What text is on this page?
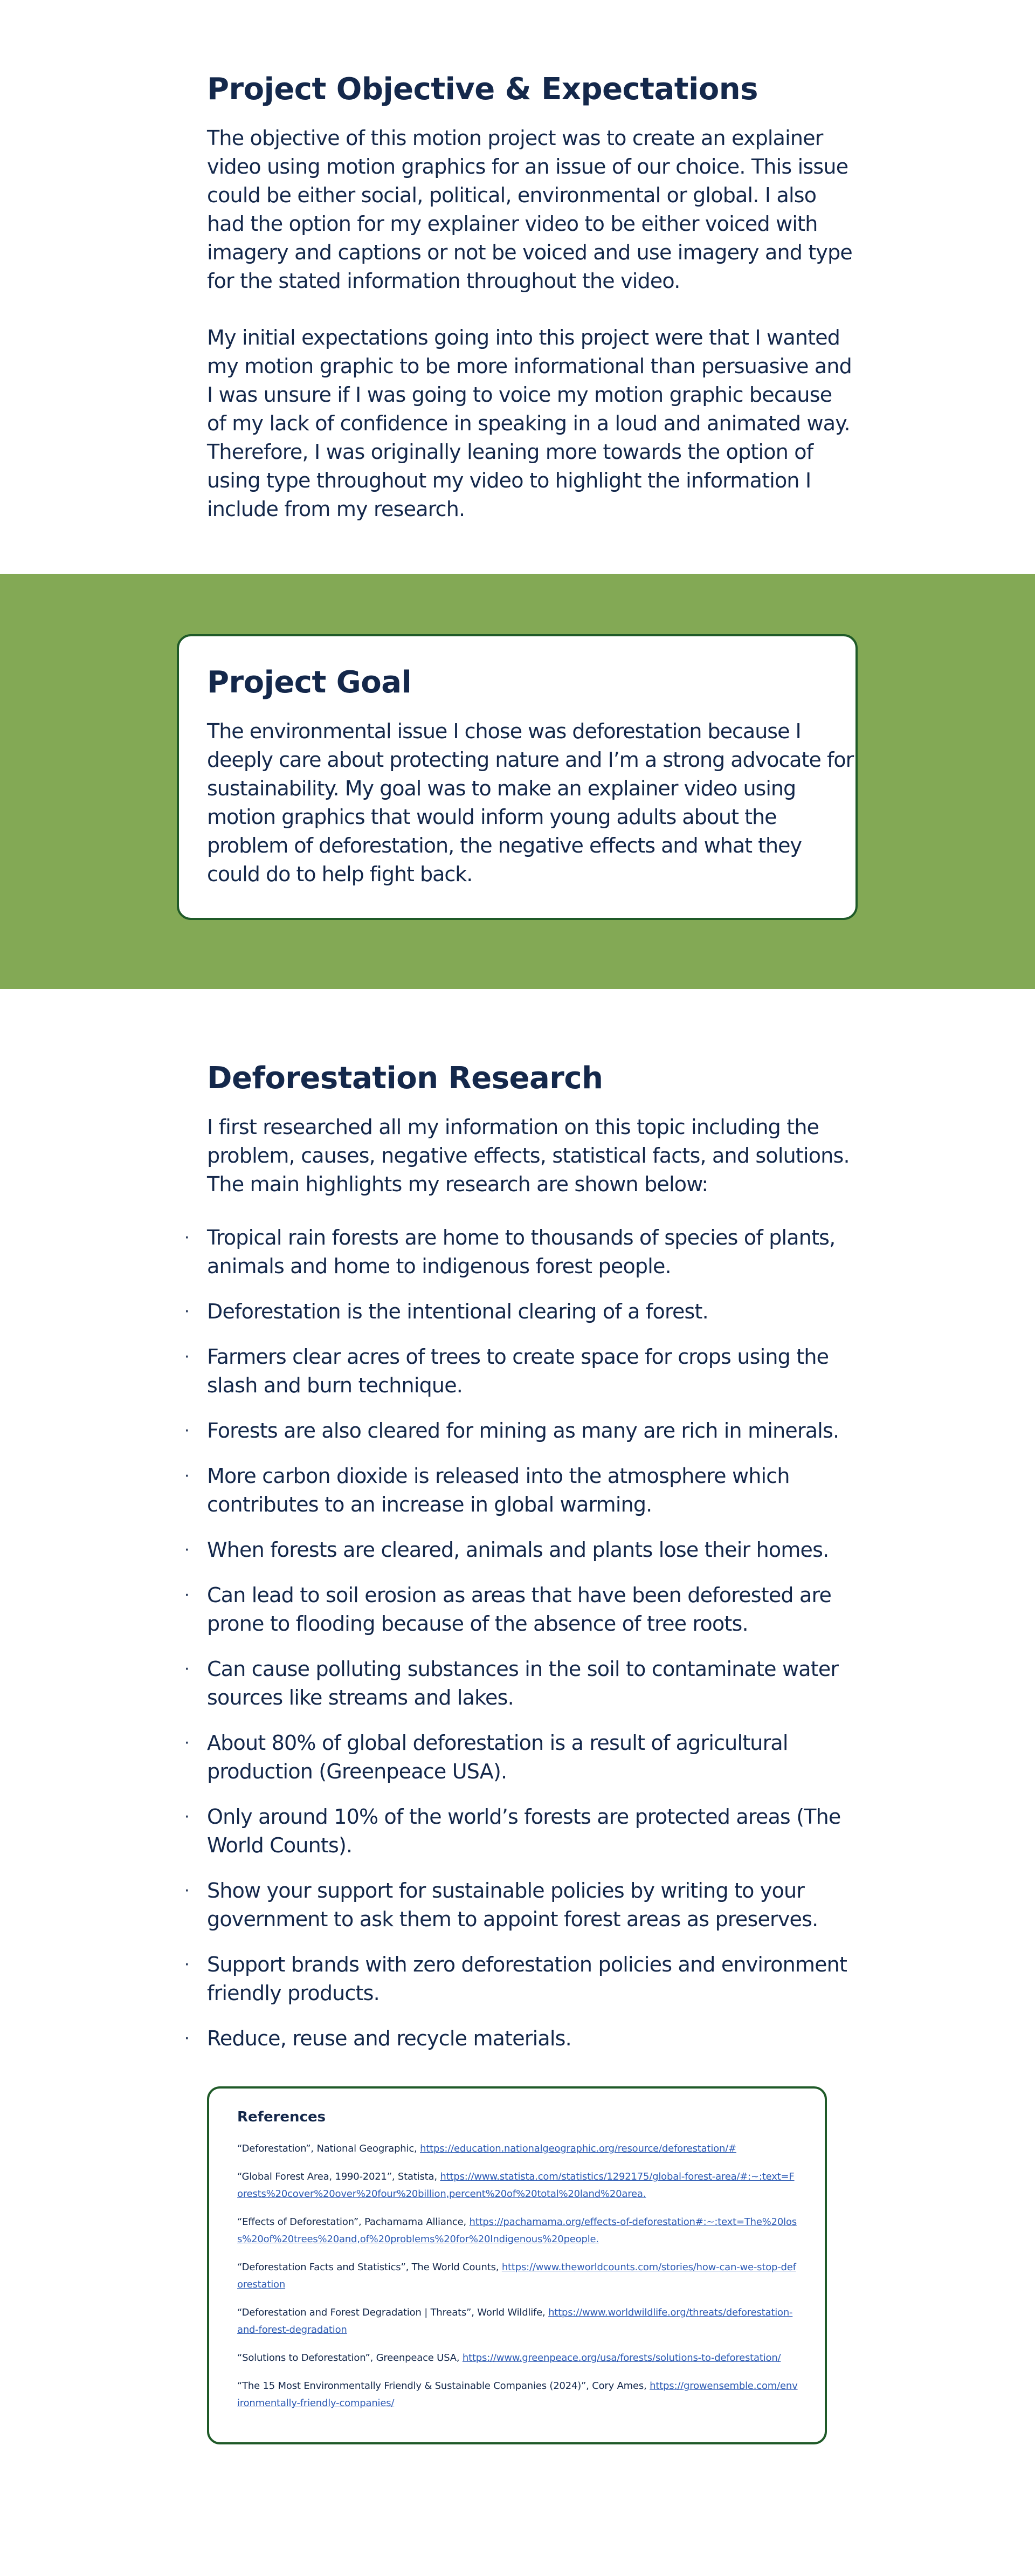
Project Objective & Expectations

The objective of this motion project was to create an explainer video using motion graphics for an issue of our choice. This issue could be either social, political, environmental or global. I also had the option for my explainer video to be either voiced with imagery and captions or not be voiced and use imagery and type for the stated information throughout the video.

My initial expectations going into this project were that I wanted my motion graphic to be more informational than persuasive and I was unsure if I was going to voice my motion graphic because of my lack of confidence in speaking in a loud and animated way. Therefore, I was originally leaning more towards the option of using type throughout my video to highlight the information I include from my research.

Project Goal

The environmental issue I chose was deforestation because I deeply care about protecting nature and I’m a strong advocate for sustainability. My goal was to make an explainer video using motion graphics that would inform young adults about the problem of deforestation, the negative effects and what they could do to help fight back.

Deforestation Research

I first researched all my information on this topic including the problem, causes, negative effects, statistical facts, and solutions. The main highlights my research are shown below:

· Tropical rain forests are home to thousands of species of plants, animals and home to indigenous forest people.
· Deforestation is the intentional clearing of a forest.
· Farmers clear acres of trees to create space for crops using the slash and burn technique.
· Forests are also cleared for mining as many are rich in minerals.
· More carbon dioxide is released into the atmosphere which contributes to an increase in global warming.
· When forests are cleared, animals and plants lose their homes.
· Can lead to soil erosion as areas that have been deforested are prone to flooding because of the absence of tree roots.
· Can cause polluting substances in the soil to contaminate water sources like streams and lakes.
· About 80% of global deforestation is a result of agricultural production (Greenpeace USA).
· Only around 10% of the world’s forests are protected areas (The World Counts).
· Show your support for sustainable policies by writing to your government to ask them to appoint forest areas as preserves.
· Support brands with zero deforestation policies and environment friendly products.
· Reduce, reuse and recycle materials.
References
“Deforestation”, National Geographic, https://education.nationalgeographic.org/resource/deforestation/#
“Global Forest Area, 1990-2021”, Statista, https://www.statista.com/statistics/1292175/global-forest-area/#:~:text=Forests%20cover%20over%20four%20billion,percent%20of%20total%20land%20area.
“Effects of Deforestation”, Pachamama Alliance, https://pachamama.org/effects-of-deforestation#:~:text=The%20loss%20of%20trees%20and,of%20problems%20for%20Indigenous%20people.
“Deforestation Facts and Statistics”, The World Counts, https://www.theworldcounts.com/stories/how-can-we-stop-deforestation
“Deforestation and Forest Degradation | Threats”, World Wildlife, https://www.worldwildlife.org/threats/deforestation-and-forest-degradation
“Solutions to Deforestation”, Greenpeace USA, https://www.greenpeace.org/usa/forests/solutions-to-deforestation/
“The 15 Most Environmentally Friendly & Sustainable Companies (2024)”, Cory Ames, https://growensemble.com/environmentally-friendly-companies/
